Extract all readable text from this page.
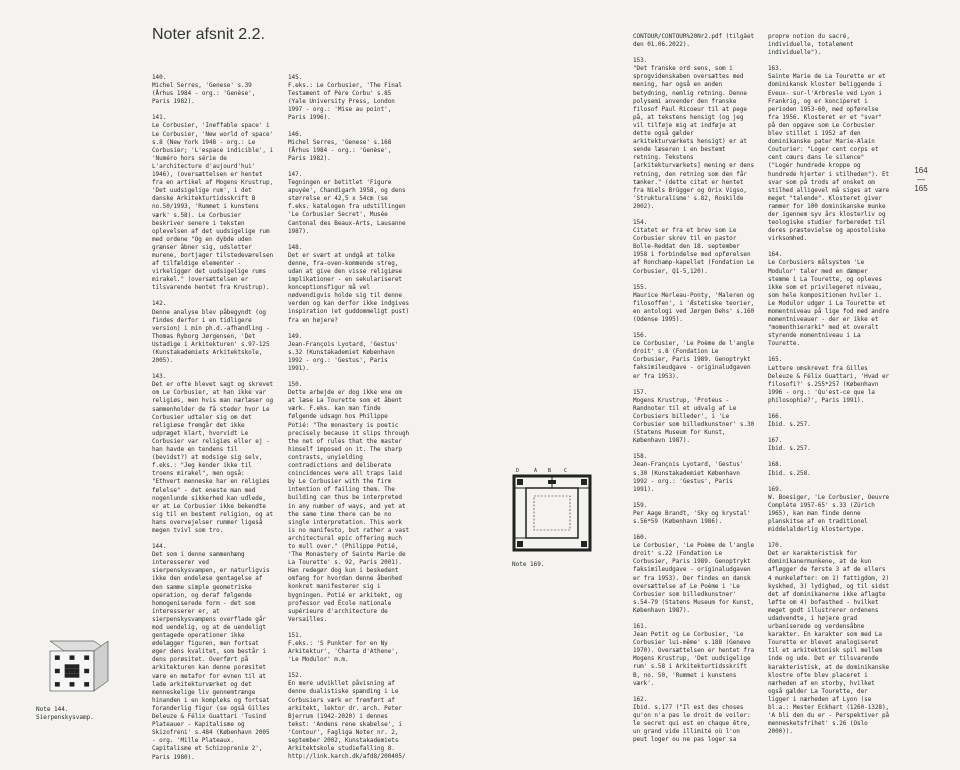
Noter afsnit 2.2.
140.
Michel Serres, 'Genese' s.39 (Århus 1984 - org.: 'Genèse', Paris 1982).
141.
Le Corbusier, 'Ineffable space' i Le Corbusier, 'New world of space' s.8 (New York 1948 - org.: Le Corbusier; 'L'espace indicible', i 'Numéro hors série de L'architecture d'aujourd'hui' 1946), (oversættelsen er hentet fra en artikel af Mogens Krustrup, 'Det uudsigelige rum', i det danske Arkitekturtidsskrift B no.50/1993, 'Rummet i kunstens værk' s.58). Le Corbusier beskriver senere i teksten oplevelsen af det uudsigelige rum med ordene "Og en dybde uden grænser åbner sig, udsletter murene, bortjager tilstedeværelsen af tilfældige elementer - virkeliggør det uudsigelige rums mirakel." (oversættelsen er tilsvarende hentet fra Krustrup).
142.
Denne analyse blev påbegyndt (og findes derfor i en tidligere version) i min ph.d.-afhandling - Thomas Ryborg Jørgensen, 'Det Ustadige i Arkitekturen' s.97-125 (Kunstakademiets Arkitektskole, 2005).
143.
Det er ofte blevet sagt og skrevet om Le Corbusier, at han ikke var religiøs, men hvis man nærlæser og sammenholder de få steder hvor Le Corbusier udtaler sig om det religiøse fremgår det ikke udpræget klart, hvorvidt Le Corbusier var religiøs eller ej - han havde en tendens til (bevidst?) at modsige sig selv, f.eks.: "Jeg kender ikke til troens mirakel", men også: "Ethvert menneske har en religiøs følelse" - det eneste man med nogenlunde sikkerhed kan udlede, er at Le Corbusier ikke bekendte sig til en bestemt religion, og at hans overvejelser rummer ligeså megen tvivl som tro.
144.
Det som i denne sammenhæng interesserer ved sierpenskysvampen, er naturligvis ikke den endeløse gentagelse af den samme simple geometriske operation, og deraf følgende homogeniserede form - det som interesserer er, at sierpenskysvampens overflade går mod uendelig, og at de uendeligt gentagede operationer ikke ødelægger figuren, men fortsat øger dens kvalitet, som består i dens porøsitet. Overført på arkitekturen kan denne porøsitet være en metafor for evnen til at lade arkitekturværket og det menneskelige liv gennemtrænge hinanden i en kompleks og fortsat foranderlig figur (se også Gilles Deleuze & Félix Guattari 'Tusind Plateauer - Kapitalisme og Skizofreni' s.484 (København 2005 - org. 'Mille Plateaux. Capitalisme et Schizoprenie 2', Paris 1980).
145.
F.eks.: Le Corbusier, 'The Final Testament of Père Corbu' s.85 (Yale University Press, London 1997 - org.: 'Mise au point', Paris 1996).
146.
Michel Serres, 'Genese' s.168 (Århus 1984 - org.: 'Genèse', Paris 1982).
147.
Tegningen er betitlet 'Figure apuyée', Chandigarh 1958, og dens størrelse er 42,5 x 54cm (se f.eks. katalogen fra udstillingen 'Le Corbusier Secret', Musée Cantonal des Beaux-Arts, Lausanne 1987).
148.
Det er svært at undgå at tolke denne, fra-oven-kommende streg, udan at give den visse religiøse implikationer - en sekulariseret konceptionsfigur må vel nødvendigvis holde sig til denne verden og kan derfor ikke indgives inspiration (et guddommeligt pust) fra en højere?
149.
Jean-François Lyotard, 'Gestus' s.32 (Kunstakademiet København 1992 - org.: 'Gestus', Paris 1991).
150.
Dette arbejde er dog ikke ene om at læse La Tourette som et åbent værk. F.eks. kan man finde følgende udsagn hos Philippe Potié: "The monastery is poetic precisely because it slips through the net of rules that the master himself imposed on it. The sharp contrasts, unyielding contradictions and deliberate coincidences were all traps laid by Le Corbusier with the firm intention of failing them. The building can thus be interpreted in any number of ways, and yet at the same time there can be no single interpretation. This work is no manifesto, but rather a vast architectural epic offering much to mull over." (Philippe Potié, 'The Monastery of Sainte Marie de La Tourette' s. 92, Paris 2001). Han redegør dog kun i beskedent omfang for hvordan denne åbenhed konkret manifesterer sig i bygningen. Potié er arkitekt, og professor ved École nationale supérieure d'architecture de Versailles.
151.
F.eks.: 'S Punkter for en Ny Arkitektur', 'Charta d'Athene', 'Le Modulor' m.m.
152.
En mere udvikllet påvisning af denne dualistiske spænding i Le Corbusiers værk er fremført af arkitekt, lektor dr. arch. Peter Bjerrum (1942-2020) i dennes tekst: 'Andens rene skabelse', i 'Contour', Fagliga Noter nr. 2, september 2002, Kunstakademiets Arkitektskole studiefalling 8. http://link.karch.dk/afd8/200405/
CONTOUR/CONTOUR%20Nr2.pdf (tilgået den 01.06.2022).
153.
"Det franske ord sens, som i sprogvidenskaben oversættes med mening, har også en anden betydning, nemlig retning. Denne polysemi anvender den franske filosof Paul Ricoeur til at pege på, at tekstens hensigt (og jeg vil tilføje mig at indføje at dette også gælder arkitekturværkets hensigt) er at sende læseren i en bestemt retning. Tekstens [arkitekturværkets] mening er dens retning, den retning som den får tænker." (dette citat er hentet fra Niels Brügger og Orix Vigso, 'Strukturalisme' s.82, Roskilde 2002).
154.
Citatet er fra et brev som Le Corbusier skrev til en pastor Bolle-Reddat den 18. september 1958 i forbindelse med opførelsen af Ronchamp-kapellet (Fondation Le Corbusier, Q1-5,120).
155.
Maurice Merleau-Ponty, 'Maleren og filosoffen', i 'Æstetiske teorier, en antologi ved Jørgen Dehs' s.160 (Odense 1995).
156.
Le Corbusier, 'Le Poème de l'angle droit' s.8 (Fondation Le Corbusier, Paris 1989. Genoptrykt faksimileudgave - originaludgaven er fra 1953).
157.
Mogens Krustrup, 'Proteus - Randnoter til et udvalg af Le Corbusiers billeder', i 'Le Corbusier som billedkunstner' s.30 (Statens Museum for Kunst, København 1987).
158.
Jean-François Lyotard, 'Gestus' s.30 (Kunstakademiet København 1992 - org.: 'Gestus', Paris 1991).
159.
Per Aage Brandt, 'Sky og krystal' s.56*59 (København 1986).
160.
Le Corbusier, 'Le Poème de l'angle droit' s.22 (Fondation Le Corbusier, Paris 1989. Genoptrykt faksimileudgave - originaludgaven er fra 1953). Der findes en dansk oversættelse af Le Poème i 'Le Corbusier som billedkunstner' s.54-79 (Statens Museum for Kunst, København 1987).
161.
Jean Petit og Le Corbusier, 'Le Corbusier lui-même' s.188 (Geneve 1970). Oversættelsen er hentet fra Mogens Krustrup, 'Det uudsigelige rum' s.58 i Arkitekturtidsskrift B, no. 50, 'Rummet i kunstens værk'.
162.
Ibid. s.177 ("Il est des choses qu'on n'a pas le droit de voiler: le secret qui est en chaque être, un grand vide illimité où l'on peut loger ou ne pas loger sa
propre notion du sacré, individuelle, totalement individuelle").
163.
Sainte Marie de La Tourette er et dominikansk kloster beliggende i Eveux- sur-l'Arbresle ved Lyon i Frankrig, og er konciperet i perioden 1953-60, med opførelse fra 1956. Klosteret er et "svar" på den opgave som Le Corbusier blev stillet i 1952 af den dominikanske pater Marie-Alain Couturier: "Loger cent corps et cent cœurs dans le silence" ("Logér hundrede kroppe og hundrede hjerter i stilheden"). Et svar som på trods af onsket om stilhed alligevel må siges at være meget "talende". Klosteret giver rammer for 100 dominikanske munke der igennem syv års klosterliv og teologiske studier forberedet til deres præstevielse og apostoliske virksomhed.
164.
Le Corbusiers målsystem 'Le Modulor' taler med en dæmper stemme i La Tourette, og opleves ikke som et privilegeret niveau, som hele kompositionen hviler i. Le Modulor udgør i La Tourette et momentniveau på lige fod med andre momentniveauer - der er ikke et "momenthierarki" med et overalt styrende momentniveau i La Tourette.
165.
Lettere omskrevet fra Gilles Deleuze & Félix Guattari, 'Hvad er filosofi?' s.255*257 (København 1996 - org.: 'Qu'est-ce que la philosophie?', Paris 1991).
166.
Ibid. s.257.
167.
Ibid. s.257.
168.
Ibid. s.258.
169.
W. Boesiger, 'Le Corbusier, Oeuvre Complète 1957-65' s.33 (Zürich 1965), kan man finde denne planskitse af en traditionel middelalderlig klostertype.
170.
Det er karakteristisk for dominikanermunkene, at de kun afløgger de første 3 af de ellers 4 munkeløfter: om 1) fattigdom, 2) kyskhed, 3) lydighed, og til sidst det af dominikanerne ikke aflagte løfte om 4) bofasthed - hvilket meget godt illustrerer ordenens udadvendte, i højere grad urbaniserede og verdensåbne karakter. En karakter som med La Tourette er blevet analogiseret til et arkitektonisk spil mellem inde og ude. Det er tilsvarende karakteristisk, at de dominikanske klostre ofte blev placeret i nærheden af en storby, hvilket også gælder La Tourette, der ligger i nærheden af Lyon (se bl.a.: Mester Eckhart (1260-1328), 'A bli den du er - Perspektiver på mennesketsfrihet' s.26 (Oslo 2000)).
164
—
165
Note 144.
Sierpenskysvamp.
D	A B	C
Note 169.
